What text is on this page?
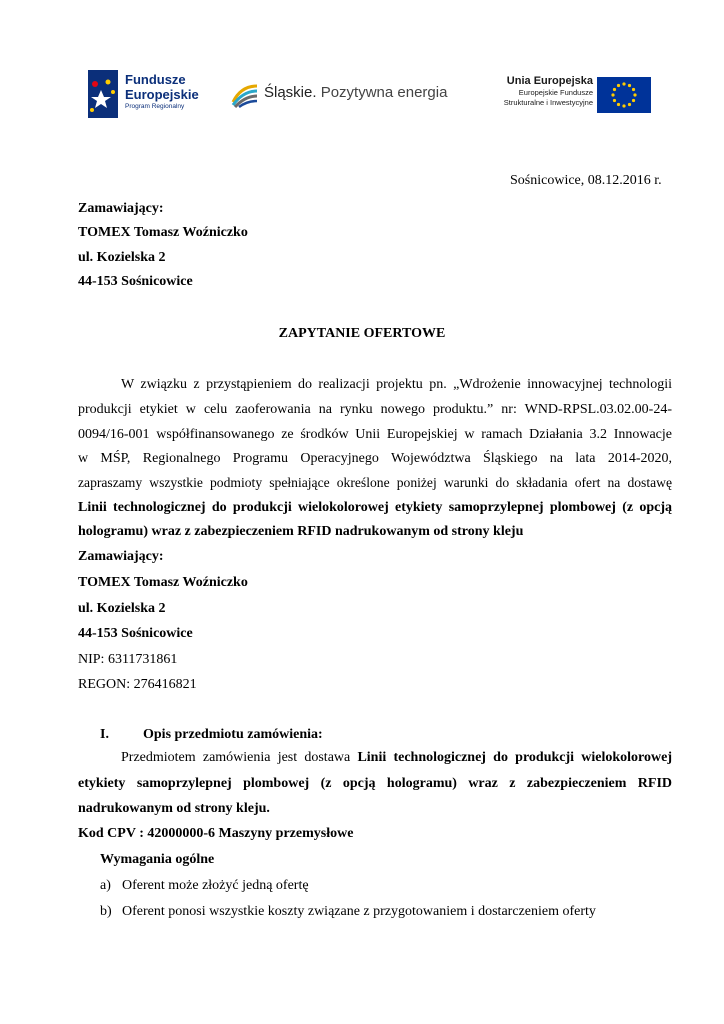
Fundusze
Europejskie
Program Regionalny
Śląskie. Pozytywna energia
Unia Europejska
Europejskie Fundusze
Strukturalne i Inwestycyjne
Sośnicowice, 08.12.2016 r.
Zamawiający:
TOMEX Tomasz Woźniczko
ul. Kozielska 2
44-153 Sośnicowice
ZAPYTANIE OFERTOWE
W związku z przystąpieniem do realizacji projektu pn. „Wdrożenie innowacyjnej technologii
produkcji etykiet w celu zaoferowania na rynku nowego produktu.” nr: WND-RPSL.03.02.00-24-
0094/16-001 współfinansowanego ze środków Unii Europejskiej w ramach Działania 3.2 Innowacje
w MŚP, Regionalnego Programu Operacyjnego Województwa Śląskiego na lata 2014-2020,
zapraszamy wszystkie podmioty spełniające określone poniżej warunki do składania ofert na dostawę
Linii technologicznej do produkcji wielokolorowej etykiety samoprzylepnej plombowej (z opcją
hologramu) wraz z zabezpieczeniem RFID nadrukowanym od strony kleju
Zamawiający:
TOMEX Tomasz Woźniczko
ul. Kozielska 2
44-153 Sośnicowice
NIP: 6311731861
REGON: 276416821
I. Opis przedmiotu zamówienia:
Przedmiotem zamówienia jest dostawa Linii technologicznej do produkcji wielokolorowej
etykiety samoprzylepnej plombowej (z opcją hologramu) wraz z zabezpieczeniem RFID
nadrukowanym od strony kleju.
Kod CPV : 42000000-6 Maszyny przemysłowe
Wymagania ogólne
a) Oferent może złożyć jedną ofertę
b) Oferent ponosi wszystkie koszty związane z przygotowaniem i dostarczeniem oferty
